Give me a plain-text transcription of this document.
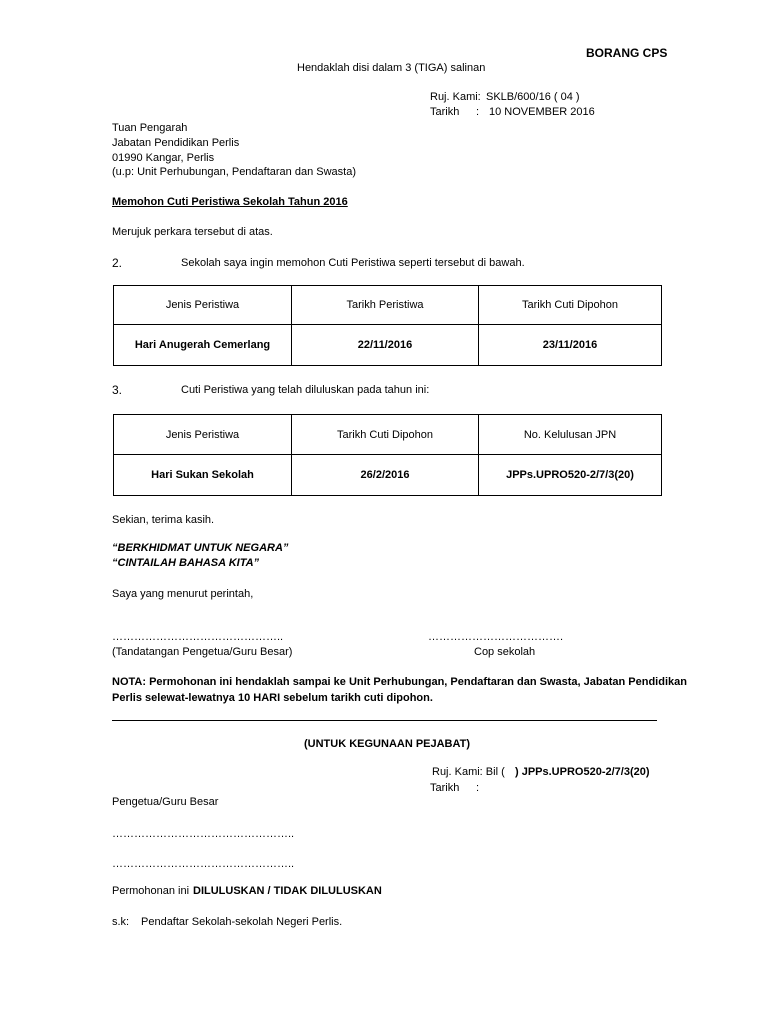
BORANG CPS
Hendaklah disi dalam 3 (TIGA) salinan
Ruj. Kami: SKLB/600/16 ( 04 )
Tarikh : 10 NOVEMBER 2016
Tuan Pengarah
Jabatan Pendidikan Perlis
01990 Kangar, Perlis
(u.p: Unit Perhubungan, Pendaftaran dan Swasta)
Memohon Cuti Peristiwa Sekolah Tahun 2016
Merujuk perkara tersebut di atas.
2.	Sekolah saya ingin memohon Cuti Peristiwa seperti tersebut di bawah.
Jenis Peristiwa	Tarikh Peristiwa	Tarikh Cuti Dipohon
Hari Anugerah Cemerlang	22/11/2016	23/11/2016
3.	Cuti Peristiwa yang telah diluluskan pada tahun ini:
Jenis Peristiwa	Tarikh Cuti Dipohon	No. Kelulusan JPN
Hari Sukan Sekolah	26/2/2016	JPPs.UPRO520-2/7/3(20)
Sekian, terima kasih.
“BERKHIDMAT UNTUK NEGARA”
“CINTAILAH BAHASA KITA”
Saya yang menurut perintah,
………………………………………..
(Tandatangan Pengetua/Guru Besar)
……………………………….
Cop sekolah
NOTA: Permohonan ini hendaklah sampai ke Unit Perhubungan, Pendaftaran dan Swasta, Jabatan Pendidikan
Perlis selewat-lewatnya 10 HARI sebelum tarikh cuti dipohon.
(UNTUK KEGUNAAN PEJABAT)
Ruj. Kami: Bil ( ) JPPs.UPRO520-2/7/3(20)
Tarikh :
Pengetua/Guru Besar
…………………………………………..
…………………………………………..
Permohonan ini DILULUSKAN / TIDAK DILULUSKAN
s.k: Pendaftar Sekolah-sekolah Negeri Perlis.
